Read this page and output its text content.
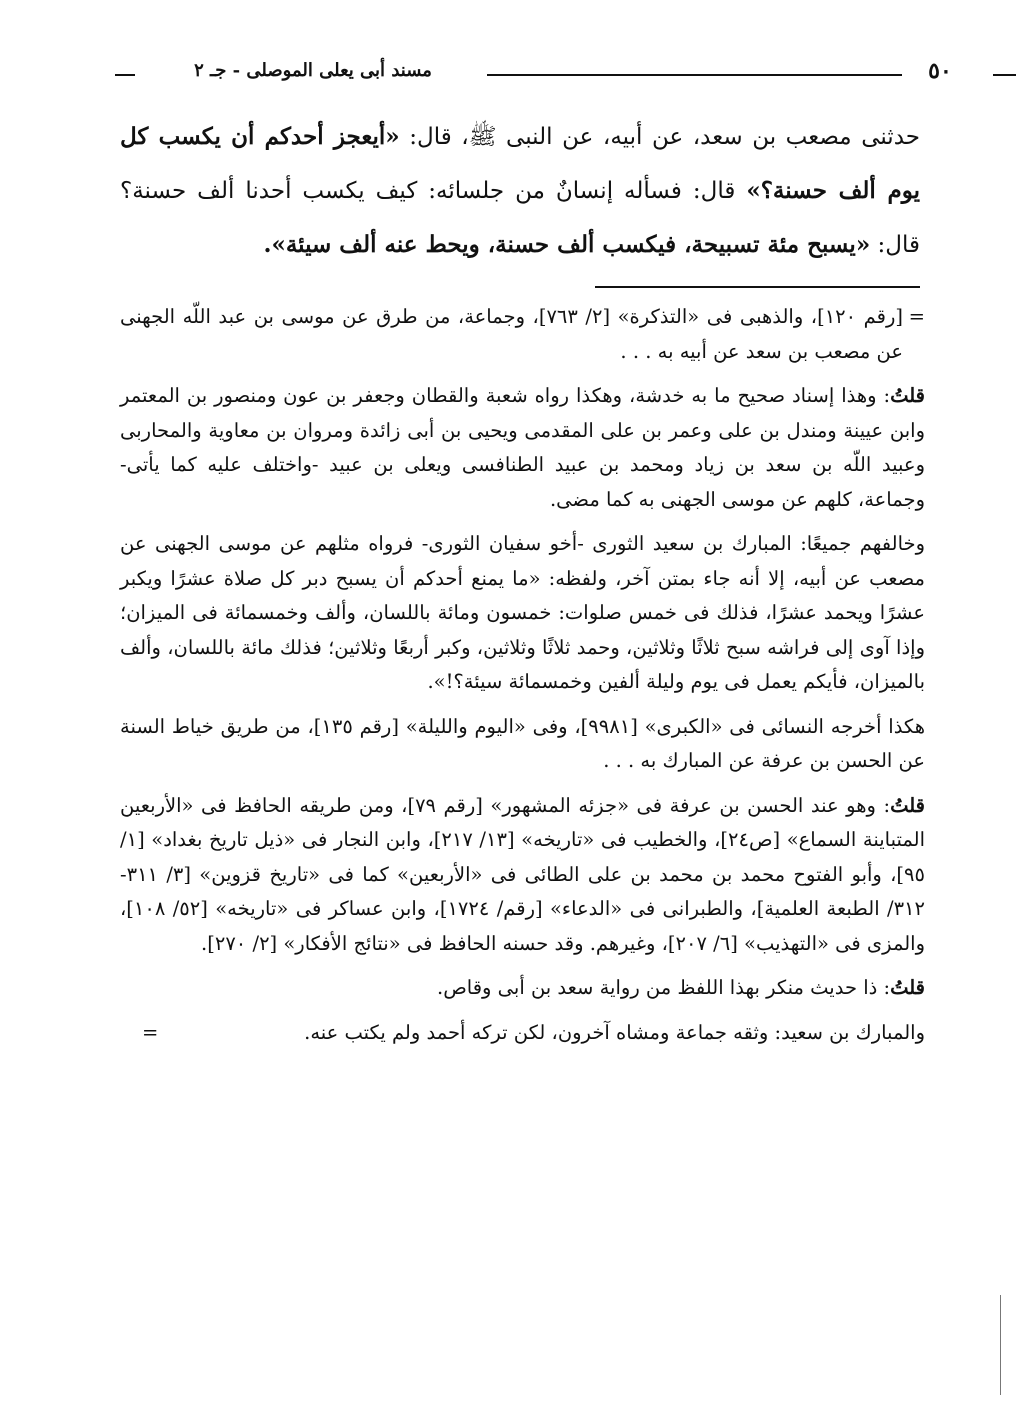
مسند أبى يعلى الموصلى - جـ ٢	٥٠
حدثنى مصعب بن سعد، عن أبيه، عن النبى ﷺ، قال: «أيعجز أحدكم أن يكسب كل يوم ألف حسنة؟» قال: فسأله إنسانٌ من جلسائه: كيف يكسب أحدنا ألف حسنة؟ قال: «يسبح مئة تسبيحة، فيكسب ألف حسنة، ويحط عنه ألف سيئة».

=
[رقم ١٢٠]، والذهبى فى «التذكرة» [٢/ ٧٦٣]، وجماعة، من طرق عن موسى بن عبد اللّه الجهنى عن مصعب بن سعد عن أبيه به . . .

قلتُ: وهذا إسناد صحيح ما به خدشة، وهكذا رواه شعبة والقطان وجعفر بن عون ومنصور بن المعتمر وابن عيينة ومندل بن على وعمر بن على المقدمى ويحيى بن أبى زائدة ومروان بن معاوية والمحاربى وعبيد اللّه بن سعد بن زياد ومحمد بن عبيد الطنافسى ويعلى بن عبيد -واختلف عليه كما يأتى- وجماعة، كلهم عن موسى الجهنى به كما مضى.

وخالفهم جميعًا: المبارك بن سعيد الثورى -أخو سفيان الثورى- فرواه مثلهم عن موسى الجهنى عن مصعب عن أبيه، إلا أنه جاء بمتن آخر، ولفظه: «ما يمنع أحدكم أن يسبح دبر كل صلاة عشرًا ويكبر عشرًا ويحمد عشرًا، فذلك فى خمس صلوات: خمسون ومائة باللسان، وألف وخمسمائة فى الميزان؛ وإذا آوى إلى فراشه سبح ثلاثًا وثلاثين، وحمد ثلاثًا وثلاثين، وكبر أربعًا وثلاثين؛ فذلك مائة باللسان، وألف بالميزان، فأيكم يعمل فى يوم وليلة ألفين وخمسمائة سيئة؟!».

هكذا أخرجه النسائى فى «الكبرى» [٩٩٨١]، وفى «اليوم والليلة» [رقم ١٣٥]، من طريق خياط السنة عن الحسن بن عرفة عن المبارك به . . .

قلتُ: وهو عند الحسن بن عرفة فى «جزئه المشهور» [رقم ٧٩]، ومن طريقه الحافظ فى «الأربعين المتباينة السماع» [ص٢٤]، والخطيب فى «تاريخه» [١٣/ ٢١٧]، وابن النجار فى «ذيل تاريخ بغداد» [١/ ٩٥]، وأبو الفتوح محمد بن محمد بن على الطائى فى «الأربعين» كما فى «تاريخ قزوين» [٣/ ٣١١- ٣١٢/ الطبعة العلمية]، والطبرانى فى «الدعاء» [رقم/ ١٧٢٤]، وابن عساكر فى «تاريخه» [٥٢/ ١٠٨]، والمزى فى «التهذيب» [٦/ ٢٠٧]، وغيرهم. وقد حسنه الحافظ فى «نتائج الأفكار» [٢/ ٢٧٠].

قلتُ: ذا حديث منكر بهذا اللفظ من رواية سعد بن أبى وقاص.

والمبارك بن سعيد: وثقه جماعة ومشاه آخرون، لكن تركه أحمد ولم يكتب عنه.
=
